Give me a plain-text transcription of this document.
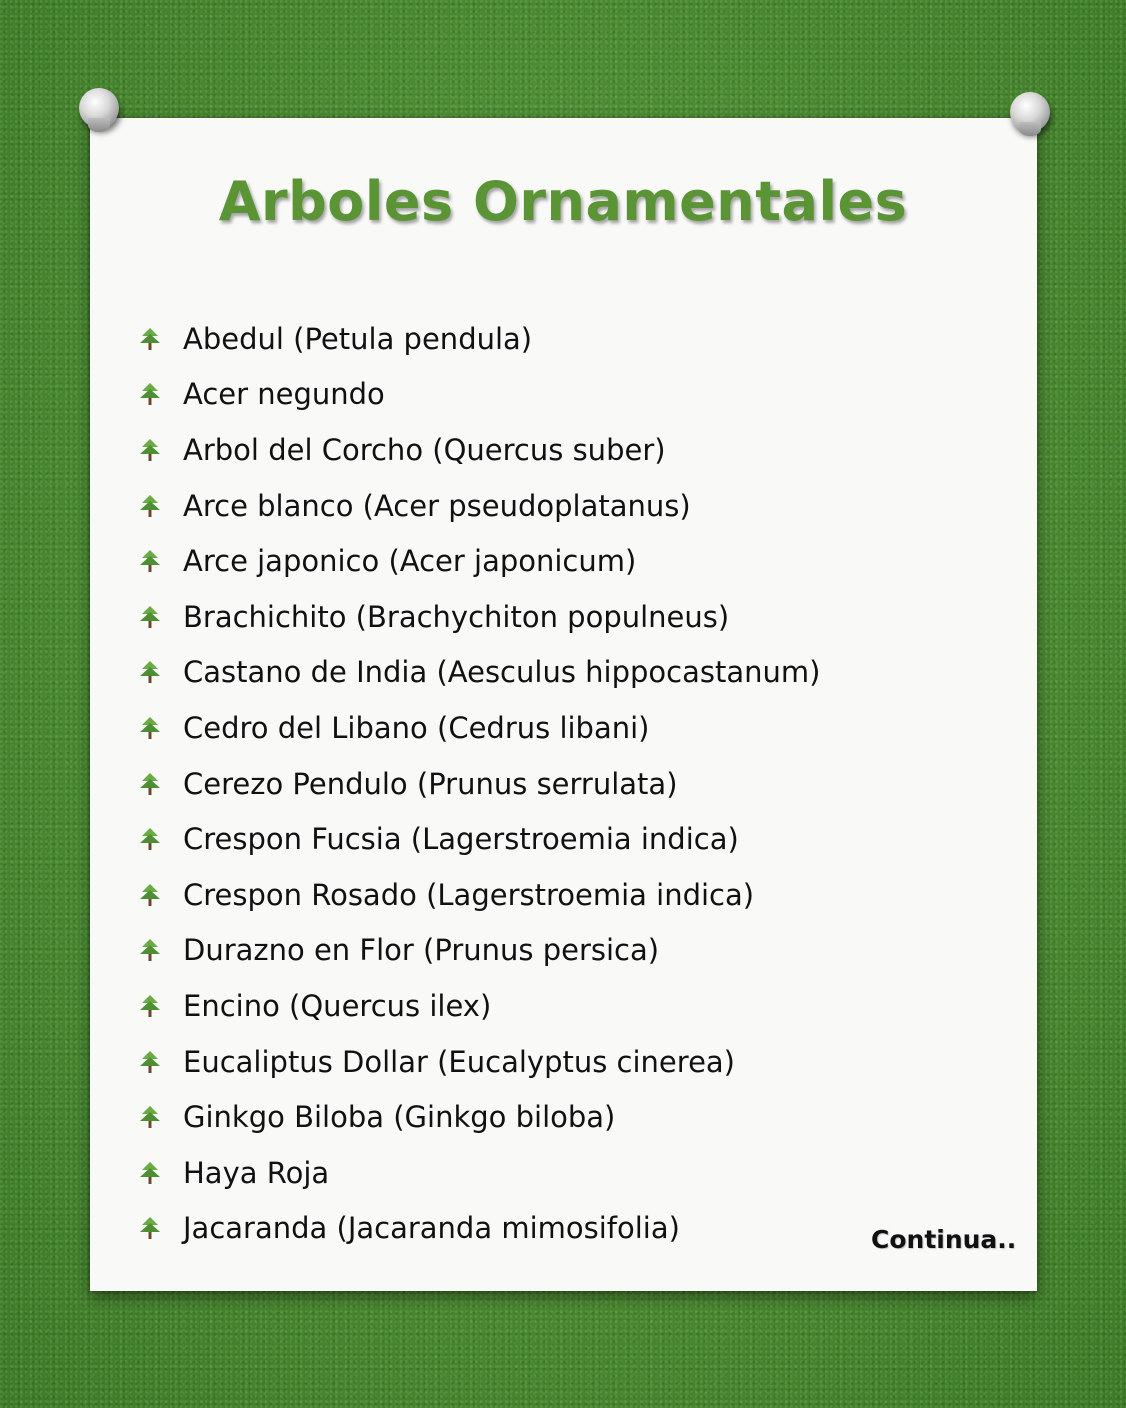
Arboles Ornamentales
Abedul (Petula pendula)
Acer negundo
Arbol del Corcho (Quercus suber)
Arce blanco (Acer pseudoplatanus)
Arce japonico (Acer japonicum)
Brachichito (Brachychiton populneus)
Castano de India (Aesculus hippocastanum)
Cedro del Libano (Cedrus libani)
Cerezo Pendulo (Prunus serrulata)
Crespon Fucsia (Lagerstroemia indica)
Crespon Rosado (Lagerstroemia indica)
Durazno en Flor (Prunus persica)
Encino (Quercus ilex)
Eucaliptus Dollar (Eucalyptus cinerea)
Ginkgo Biloba (Ginkgo biloba)
Haya Roja
Jacaranda (Jacaranda mimosifolia)	Continua..
